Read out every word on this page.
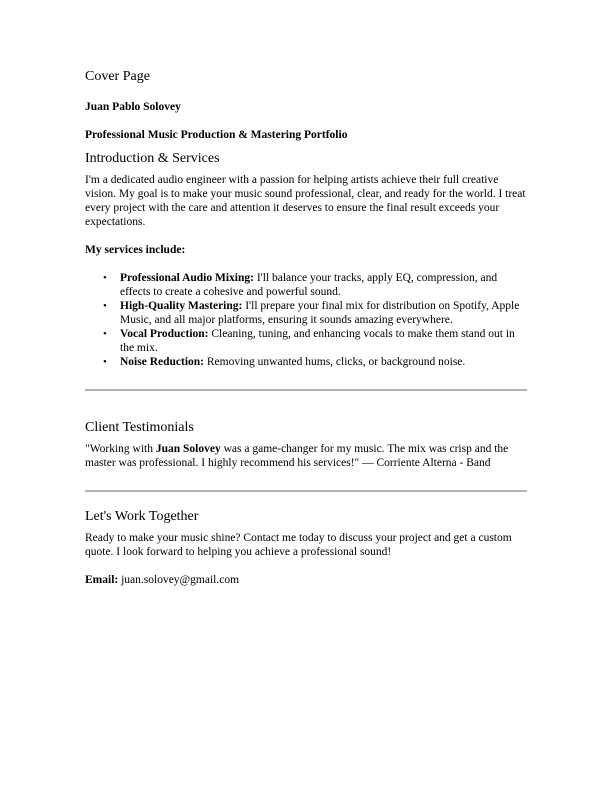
Cover Page

Juan Pablo Solovey

Professional Music Production & Mastering Portfolio

Introduction & Services

I'm a dedicated audio engineer with a passion for helping artists achieve their full creative vision. My goal is to make your music sound professional, clear, and ready for the world. I treat every project with the care and attention it deserves to ensure the final result exceeds your expectations.

My services include:

•	Professional Audio Mixing: I'll balance your tracks, apply EQ, compression, and effects to create a cohesive and powerful sound.
•	High-Quality Mastering: I'll prepare your final mix for distribution on Spotify, Apple Music, and all major platforms, ensuring it sounds amazing everywhere.
•	Vocal Production: Cleaning, tuning, and enhancing vocals to make them stand out in the mix.
•	Noise Reduction: Removing unwanted hums, clicks, or background noise.
Client Testimonials

"Working with Juan Solovey was a game-changer for my music. The mix was crisp and the master was professional. I highly recommend his services!" — Corriente Alterna - Band

Let's Work Together

Ready to make your music shine? Contact me today to discuss your project and get a custom quote. I look forward to helping you achieve a professional sound!

Email: juan.solovey@gmail.com
